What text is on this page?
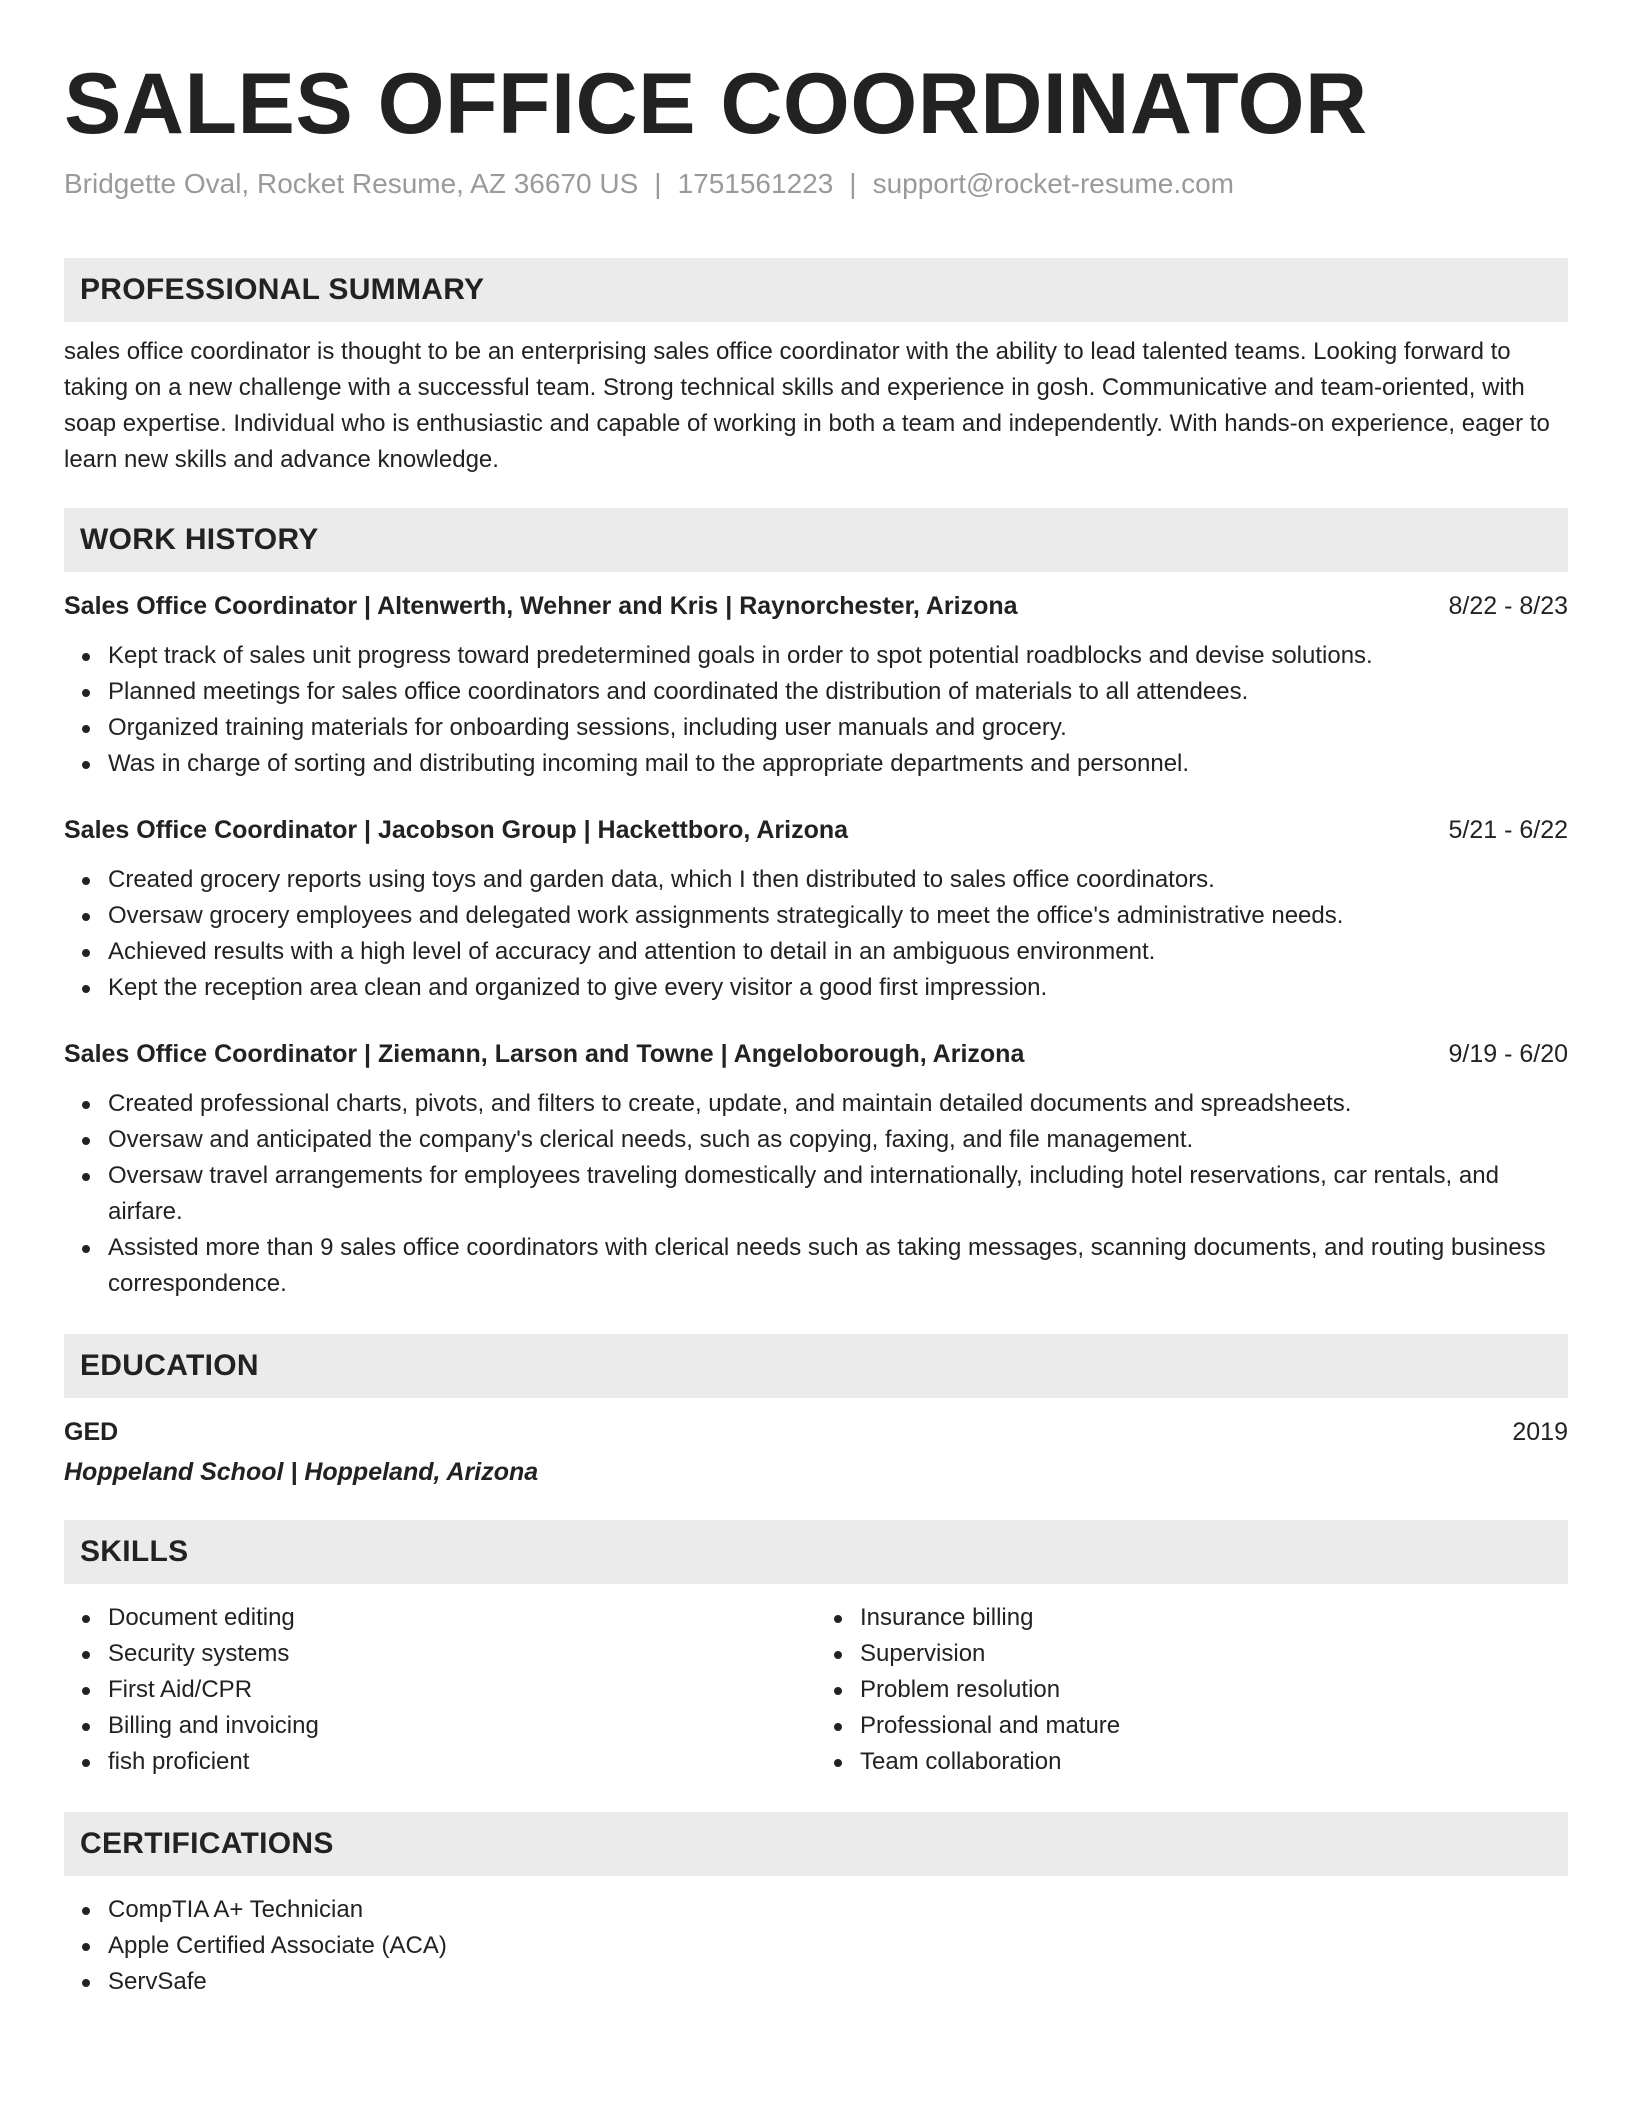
SALES OFFICE COORDINATOR
Bridgette Oval, Rocket Resume, AZ 36670 US | 1751561223 | support@rocket-resume.com
PROFESSIONAL SUMMARY
sales office coordinator is thought to be an enterprising sales office coordinator with the ability to lead talented teams. Looking forward to taking on a new challenge with a successful team. Strong technical skills and experience in gosh. Communicative and team-oriented, with soap expertise. Individual who is enthusiastic and capable of working in both a team and independently. With hands-on experience, eager to learn new skills and advance knowledge.
WORK HISTORY
Sales Office Coordinator | Altenwerth, Wehner and Kris | Raynorchester, Arizona	8/22 - 8/23
Kept track of sales unit progress toward predetermined goals in order to spot potential roadblocks and devise solutions.
Planned meetings for sales office coordinators and coordinated the distribution of materials to all attendees.
Organized training materials for onboarding sessions, including user manuals and grocery.
Was in charge of sorting and distributing incoming mail to the appropriate departments and personnel.
Sales Office Coordinator | Jacobson Group | Hackettboro, Arizona	5/21 - 6/22
Created grocery reports using toys and garden data, which I then distributed to sales office coordinators.
Oversaw grocery employees and delegated work assignments strategically to meet the office's administrative needs.
Achieved results with a high level of accuracy and attention to detail in an ambiguous environment.
Kept the reception area clean and organized to give every visitor a good first impression.
Sales Office Coordinator | Ziemann, Larson and Towne | Angeloborough, Arizona	9/19 - 6/20
Created professional charts, pivots, and filters to create, update, and maintain detailed documents and spreadsheets.
Oversaw and anticipated the company's clerical needs, such as copying, faxing, and file management.
Oversaw travel arrangements for employees traveling domestically and internationally, including hotel reservations, car rentals, and airfare.
Assisted more than 9 sales office coordinators with clerical needs such as taking messages, scanning documents, and routing business correspondence.
EDUCATION
GED	2019
Hoppeland School | Hoppeland, Arizona
SKILLS
Document editing
Security systems
First Aid/CPR
Billing and invoicing
fish proficient
Insurance billing
Supervision
Problem resolution
Professional and mature
Team collaboration
CERTIFICATIONS
CompTIA A+ Technician
Apple Certified Associate (ACA)
ServSafe
